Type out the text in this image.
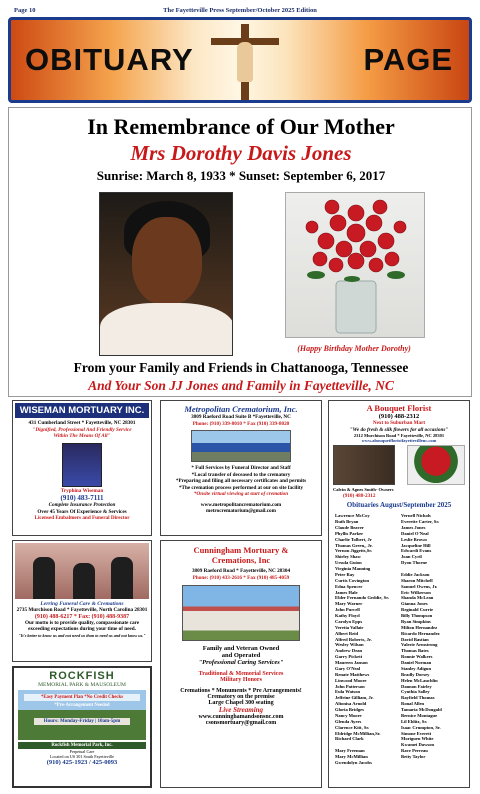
Page 10	The Fayetteville Press September/October 2025 Edition
OBITUARY	PAGE
In Remembrance of Our Mother
Mrs Dorothy Davis Jones
Sunrise: March 8, 1933 * Sunset: September 6, 2017
(Happy Birthday Mother Dorothy)
From your Family and Friends in Chattanooga, Tennessee
And Your Son JJ Jones and Family in Fayetteville, NC
WISEMAN MORTUARY INC.
431 Cumberland Street * Fayetteville, NC 28301
"Dignified, Professional And Friendly Service
Within The Means Of All"
Tryphina Wiseman
(910) 483-7111
Complete Insurance Protection
Over 45 Years Of Experience & Services
Licensed Embalmers and Funeral Director
Metropolitan Crematorium, Inc.
3809 Raeford Road Suite B *Fayetteville, NC
Phone: (910) 339-8010 * Fax (910) 339-8020
* Full Services by Funeral Director and Staff
*Local transfer of deceased to the crematory
*Preparing and filing all necessary certificates and permits
*The cremation process performed at our on site facility
*Onsite virtual viewing at start of cremation
www.metropolitancrematorium.com
metrocrematorium@gmail.com
A Bouquet Florist
(910) 488-2312
Next to Suburban Mart
"We do fresh & silk flowers for all occasions"
2312 Murchison Road * Fayetteville, NC 28301
www.abouquetfloristfayettevillenc.com
Calvin & Agnes Smith- Owners
(910) 488-2312
Obituaries August/September 2025
Lawrence McCoy
Ruth Bryan
Claude Beaver
Phyllis Parker
Charlie Tolbert, Jr
Thomas Green,, Jr.
Vernon Jiggetts,Sr.
Shirley Shaw
Ursula Guion
Virginia Manning
Peter Ray
Curtis Covington
Edna Spencer
James Hale
Elder Fernando Geddie, Sr.
Mary Warner
John Purcell
Kathy Floyd
Carolyn Epps
Veretia Vallair
Albert Reid
Alfred Roberts, Jr.
Wesley Wilson
Andrew Dean
Garry Pickett
Maureen Janson
Gary O'Neal
Renate Matthews
Linwood Moore
John Patterson
Eula Watson
Jeffrine Gilliam, Jr.
Altonisa Arnold
Gloria Bridges
Nancy Moore
Glenda Ayers
Clarence Kitt, Sr.
Eldridge McMillian,Sr.
Richard Clark

Mary Freeman
Mary McMillian
Gwendolyn Jacobs
Vernell Nichols
Everette Carter, Sr.
James Jones
Daniel O'Neal
Leslie Brown
Jacqueline Hill
Edwardi Evans
Joan Cyril
Dyon Thorne

Eddie Jackson
Sharon Mitchell
Samuel Owens, Jr.
Eric Wilkerson
Shanda McLean
Gianna Jones
Reginald Currie
Billy Thompson
Ryan Simpkins
Milton Hernandez
Ricardo Hernandez
David Bastian
Valerie Armstrong
Thomas Bates
Ronnie Walkers
Daniel Norman
Stanley Adigun
Bradly Dorsey
Helen McLauchlin
Dannon Fairley
Cynthia Salley
Rayfield Thomas
Ronal Allen
Tamaria McDougald
Bernice Montague
Lil Ehlitz, Sr.
Isaac Crumpton, Sr.
Simone Everett
Moriguen White
Kwamei Dawson
Rave Perreau
Betty Taylor
Lerring Funeral Care & Cremations
2735 Murchison Road * Fayetteville, North Carolina 28301
(910) 488-6217 * Fax: (910) 488-9387
Our motto is to provide quality, compassionate care
exceeding expectations during your time of need.
"It's better to know us and not need us than to need us and not know us."
Cunningham Mortuary &
Cremations, Inc
3809 Raeford Road * Fayetteville, NC 28304
Phone: (910) 433-2616 * Fax (910) 485-4059
Family and Veteran Owned
and Operated
"Professional Caring Services"
Traditional & Memorial Services
Military Honors
Cremations * Monuments * Pre Arrangements!
Crematory on the premise
Large Chapel 300 seating
Live Streaming
www.cunninghamandsonsnc.com
csonsmortuary@gmail.com
ROCKFISH
MEMORIAL PARK & MAUSOLEUM
*Easy Payment Plan *No Credit Checks
*Pre-Arrangement Needed
Hours: Monday-Friday | 10am-5pm
Rockfish Memorial Park, Inc.
Perpetual Care
Located on US 301 South Fayetteville
(910) 425-1923 / 425-0093
